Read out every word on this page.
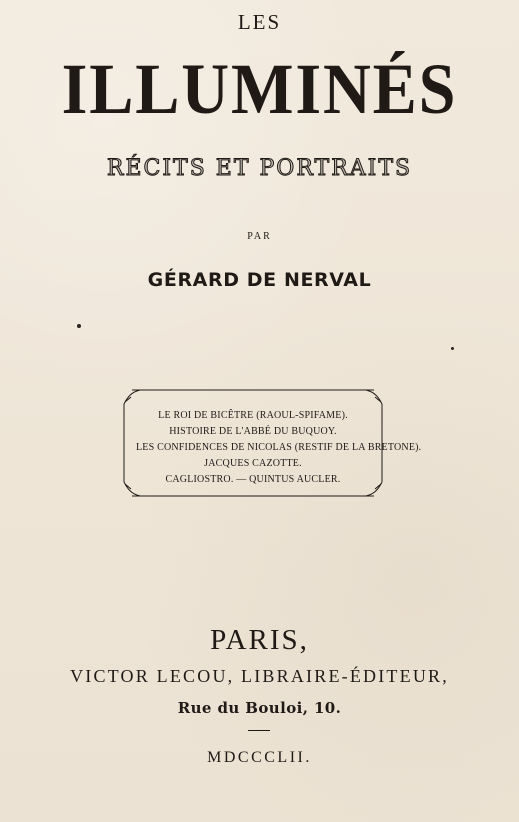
LES
ILLUMINÉS
RÉCITS ET PORTRAITS
PAR
GÉRARD DE NERVAL
LE ROI DE BICÊTRE (RAOUL-SPIFAME).
HISTOIRE DE L'ABBÉ DU BUQUOY.
LES CONFIDENCES DE NICOLAS (RESTIF DE LA BRETONE).
JACQUES CAZOTTE.
CAGLIOSTRO. — QUINTUS AUCLER.
PARIS,
VICTOR LECOU, LIBRAIRE-ÉDITEUR,
Rue du Bouloi, 10.
MDCCCLII.
